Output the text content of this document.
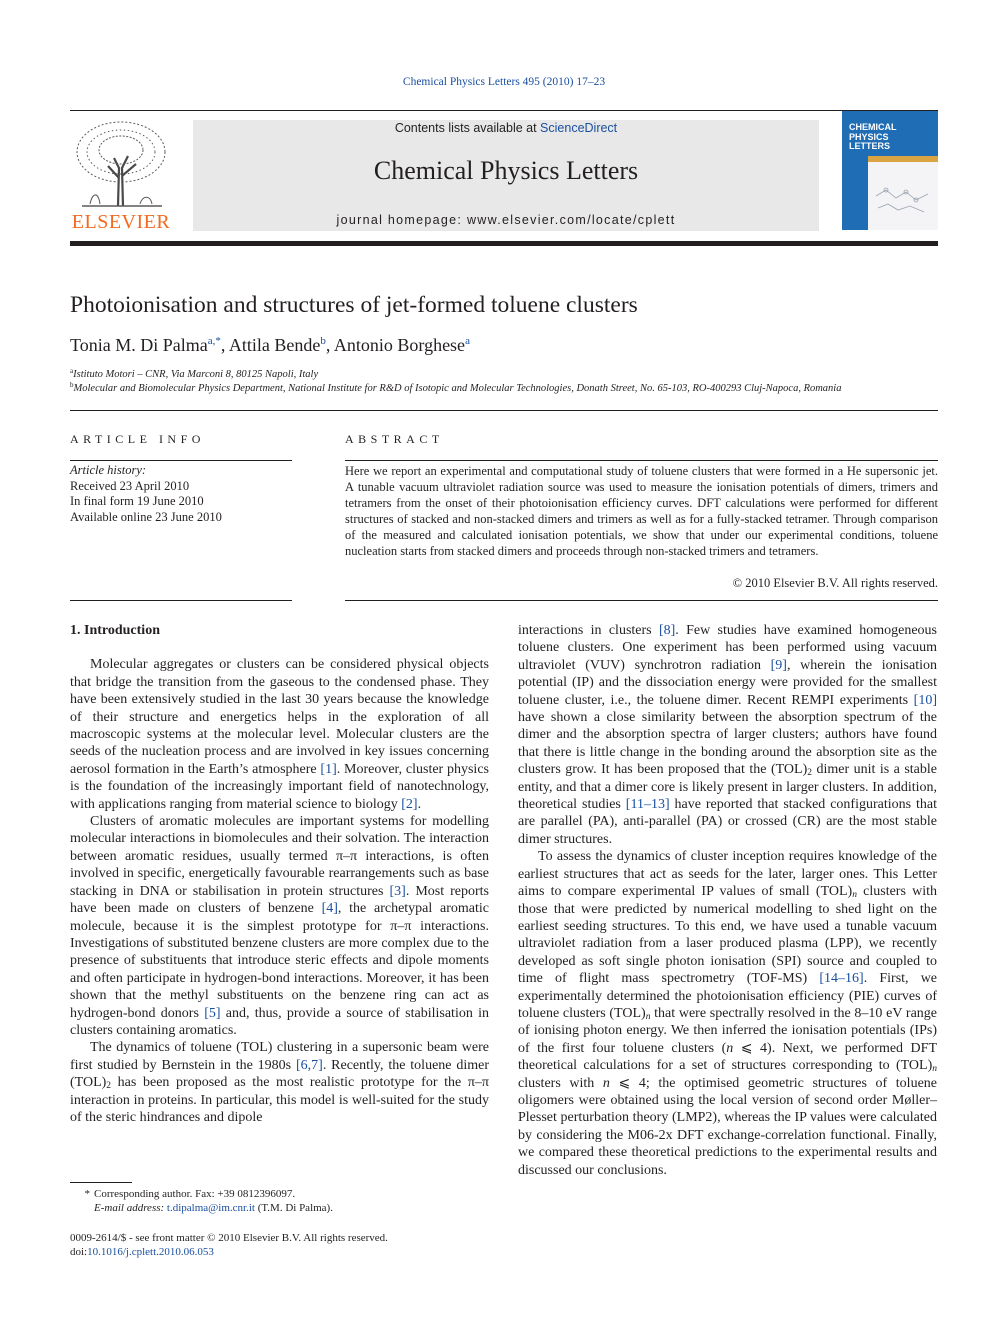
Chemical Physics Letters 495 (2010) 17–23
ELSEVIER
Contents lists available at ScienceDirect
Chemical Physics Letters
journal homepage: www.elsevier.com/locate/cplett
CHEMICAL
PHYSICS
LETTERS
Photoionisation and structures of jet-formed toluene clusters
Tonia M. Di Palma$^{a,*}$, Attila Bende$^b$, Antonio Borghese$^a$
$^a$Istituto Motori – CNR, Via Marconi 8, 80125 Napoli, Italy
$^b$Molecular and Biomolecular Physics Department, National Institute for R&D of Isotopic and Molecular Technologies, Donath Street, No. 65-103, RO-400293 Cluj-Napoca, Romania
ARTICLE INFO	ABSTRACT
Article history:
Received 23 April 2010
In final form 19 June 2010
Available online 23 June 2010
Here we report an experimental and computational study of toluene clusters that were formed in a He supersonic jet. A tunable vacuum ultraviolet radiation source was used to measure the ionisation potentials of dimers, trimers and tetramers from the onset of their photoionisation efficiency curves. DFT calculations were performed for different structures of stacked and non-stacked dimers and trimers as well as for a fully-stacked tetramer. Through comparison of the measured and calculated ionisation potentials, we show that under our experimental conditions, toluene nucleation starts from stacked dimers and proceeds through non-stacked trimers and tetramers.
© 2010 Elsevier B.V. All rights reserved.
1. Introduction

Molecular aggregates or clusters can be considered physical objects that bridge the transition from the gaseous to the condensed phase. They have been extensively studied in the last 30 years because the knowledge of their structure and energetics helps in the exploration of all macroscopic systems at the molecular level. Molecular clusters are the seeds of the nucleation process and are involved in key issues concerning aerosol formation in the Earth’s atmosphere [1]. Moreover, cluster physics is the foundation of the increasingly important field of nanotechnology, with applications ranging from material science to biology [2].

Clusters of aromatic molecules are important systems for modelling molecular interactions in biomolecules and their solvation. The interaction between aromatic residues, usually termed π–π interactions, is often involved in specific, energetically favourable rearrangements such as base stacking in DNA or stabilisation in protein structures [3]. Most reports have been made on clusters of benzene [4], the archetypal aromatic molecule, because it is the simplest prototype for π–π interactions. Investigations of substituted benzene clusters are more complex due to the presence of substituents that introduce steric effects and dipole moments and often participate in hydrogen-bond interactions. Moreover, it has been shown that the methyl substituents on the benzene ring can act as hydrogen-bond donors [5] and, thus, provide a source of stabilisation in clusters containing aromatics.

The dynamics of toluene (TOL) clustering in a supersonic beam were first studied by Bernstein in the 1980s [6,7]. Recently, the toluene dimer $(TOL)_2$ has been proposed as the most realistic prototype for the π–π interaction in proteins. In particular, this model is well-suited for the study of the steric hindrances and dipole

interactions in clusters [8]. Few studies have examined homogeneous toluene clusters. One experiment has been performed using vacuum ultraviolet (VUV) synchrotron radiation [9], wherein the ionisation potential (IP) and the dissociation energy were provided for the smallest toluene cluster, i.e., the toluene dimer. Recent REMPI experiments [10] have shown a close similarity between the absorption spectrum of the dimer and the absorption spectra of larger clusters; authors have found that there is little change in the bonding around the absorption site as the clusters grow. It has been proposed that the $(TOL)_2$ dimer unit is a stable entity, and that a dimer core is likely present in larger clusters. In addition, theoretical studies [11–13] have reported that stacked configurations that are parallel (PA), anti-parallel (PA) or crossed (CR) are the most stable dimer structures.

To assess the dynamics of cluster inception requires knowledge of the earliest structures that act as seeds for the later, larger ones. This Letter aims to compare experimental IP values of small $(TOL)_n$ clusters with those that were predicted by numerical modelling to shed light on the earliest seeding structures. To this end, we have used a tunable vacuum ultraviolet radiation from a laser produced plasma (LPP), we recently developed as soft single photon ionisation (SPI) source and coupled to time of flight mass spectrometry (TOF-MS) [14–16]. First, we experimentally determined the photoionisation efficiency (PIE) curves of toluene clusters $(TOL)_n$ that were spectrally resolved in the 8–10 eV range of ionising photon energy. We then inferred the ionisation potentials (IPs) of the first four toluene clusters (n ⩽ 4). Next, we performed DFT theoretical calculations for a set of structures corresponding to $(TOL)_n$ clusters with n ⩽ 4; the optimised geometric structures of toluene oligomers were obtained using the local version of second order Møller–Plesset perturbation theory (LMP2), whereas the IP values were calculated by considering the M06-2x DFT exchange-correlation functional. Finally, we compared these theoretical predictions to the experimental results and discussed our conclusions.

* Corresponding author. Fax: +39 0812396097.
E-mail address: t.dipalma@im.cnr.it (T.M. Di Palma).
0009-2614/$ - see front matter © 2010 Elsevier B.V. All rights reserved.
doi:10.1016/j.cplett.2010.06.053
